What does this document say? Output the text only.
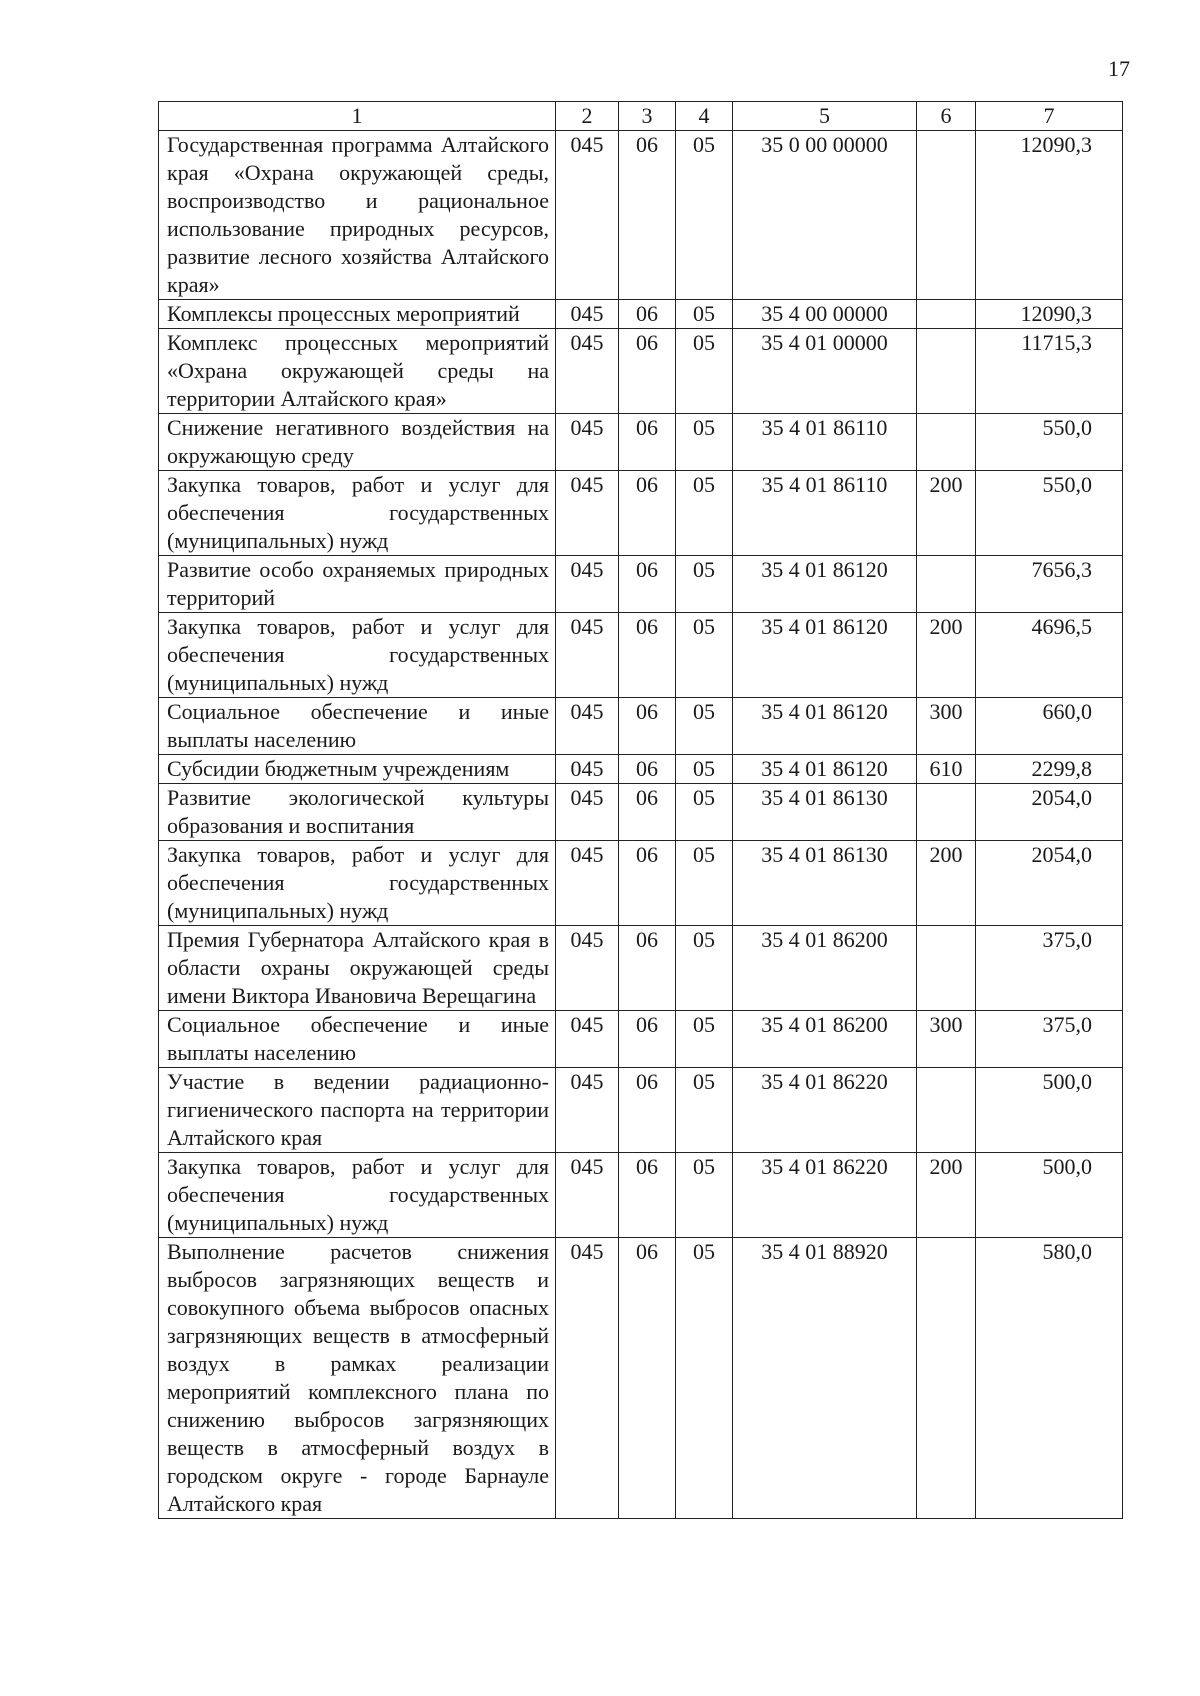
17
1	2	3	4	5	6	7
Государственная программа Алтайского края «Охрана окружающей среды, воспроизводство и рациональное использование природных ресурсов, развитие лесного хозяйства Алтайского края»	045	06	05	35 0 00 00000		12090,3
Комплексы процессных мероприятий	045	06	05	35 4 00 00000		12090,3
Комплекс процессных мероприятий «Охрана окружающей среды на территории Алтайского края»	045	06	05	35 4 01 00000		11715,3
Снижение негативного воздействия на окружающую среду	045	06	05	35 4 01 86110		550,0
Закупка товаров, работ и услуг для обеспечения государственных (муниципальных) нужд	045	06	05	35 4 01 86110	200	550,0
Развитие особо охраняемых природных территорий	045	06	05	35 4 01 86120		7656,3
Закупка товаров, работ и услуг для обеспечения государственных (муниципальных) нужд	045	06	05	35 4 01 86120	200	4696,5
Социальное обеспечение и иные выплаты населению	045	06	05	35 4 01 86120	300	660,0
Субсидии бюджетным учреждениям	045	06	05	35 4 01 86120	610	2299,8
Развитие экологической культуры образования и воспитания	045	06	05	35 4 01 86130		2054,0
Закупка товаров, работ и услуг для обеспечения государственных (муниципальных) нужд	045	06	05	35 4 01 86130	200	2054,0
Премия Губернатора Алтайского края в области охраны окружающей среды имени Виктора Ивановича Верещагина	045	06	05	35 4 01 86200		375,0
Социальное обеспечение и иные выплаты населению	045	06	05	35 4 01 86200	300	375,0
Участие в ведении радиационно-гигиенического паспорта на территории Алтайского края	045	06	05	35 4 01 86220		500,0
Закупка товаров, работ и услуг для обеспечения государственных (муниципальных) нужд	045	06	05	35 4 01 86220	200	500,0
Выполнение расчетов снижения выбросов загрязняющих веществ и совокупного объема выбросов опасных загрязняющих веществ в атмосферный воздух в рамках реализации мероприятий комплексного плана по снижению выбросов загрязняющих веществ в атмосферный воздух в городском округе - городе Барнауле Алтайского края	045	06	05	35 4 01 88920		580,0
